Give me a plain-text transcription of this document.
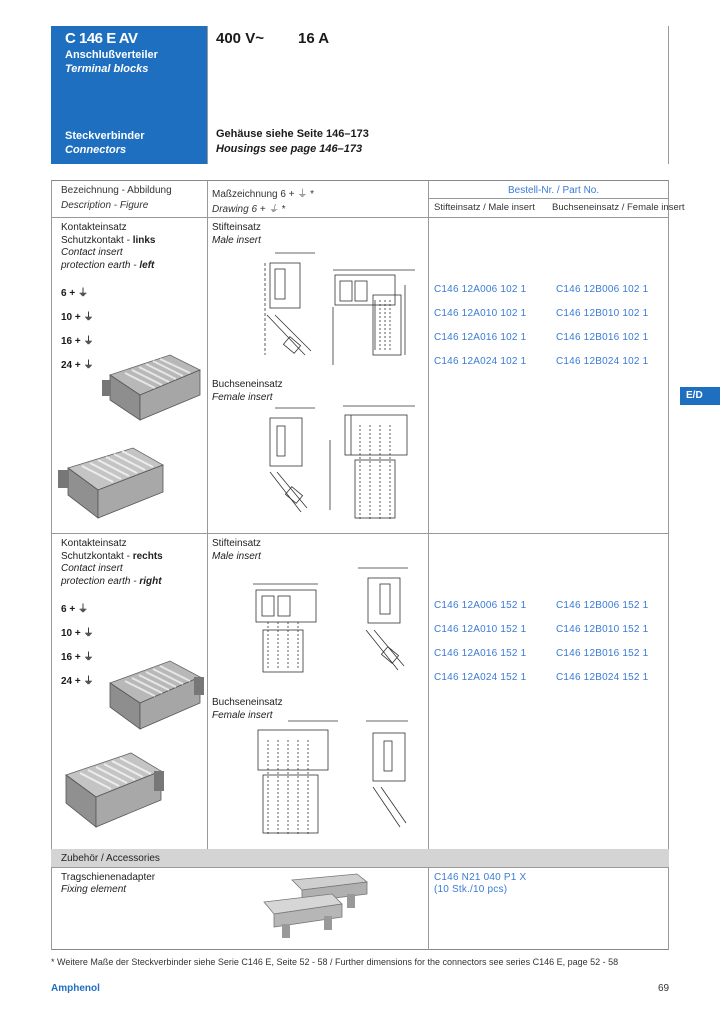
C 146 E AV
Anschlußverteiler
Terminal blocks
Steckverbinder
Connectors
400 V~ 16 A
Gehäuse siehe Seite 146–173
Housings see page 146–173
Bezeichnung - Abbildung
Description - Figure
Maßzeichnung 6 + ⏚ *
Drawing 6 + ⏚ *
Bestell-Nr. / Part No.
Stifteinsatz / Male insert Buchseneinsatz / Female insert
Kontakteinsatz
Schutzkontakt - links
Contact insert
protection earth - left
6 + ⏚
10 + ⏚
16 + ⏚
24 + ⏚
C146 12A006 102 1
C146 12A010 102 1
C146 12A016 102 1
C146 12A024 102 1
C146 12B006 102 1
C146 12B010 102 1
C146 12B016 102 1
C146 12B024 102 1
Stifteinsatz
Male insert
Buchseneinsatz
Female insert
Kontakteinsatz
Schutzkontakt - rechts
Contact insert
protection earth - right
6 + ⏚
10 + ⏚
16 + ⏚
24 + ⏚
C146 12A006 152 1
C146 12A010 152 1
C146 12A016 152 1
C146 12A024 152 1
C146 12B006 152 1
C146 12B010 152 1
C146 12B016 152 1
C146 12B024 152 1
Stifteinsatz
Male insert
Buchseneinsatz
Female insert
Zubehör / Accessories
Tragschienenadapter
Fixing element
C146 N21 040 P1 X
(10 Stk./10 pcs)
E/D
* Weitere Maße der Steckverbinder siehe Serie C146 E, Seite 52 - 58 / Further dimensions for the connectors see series C146 E, page 52 - 58
Amphenol	69
